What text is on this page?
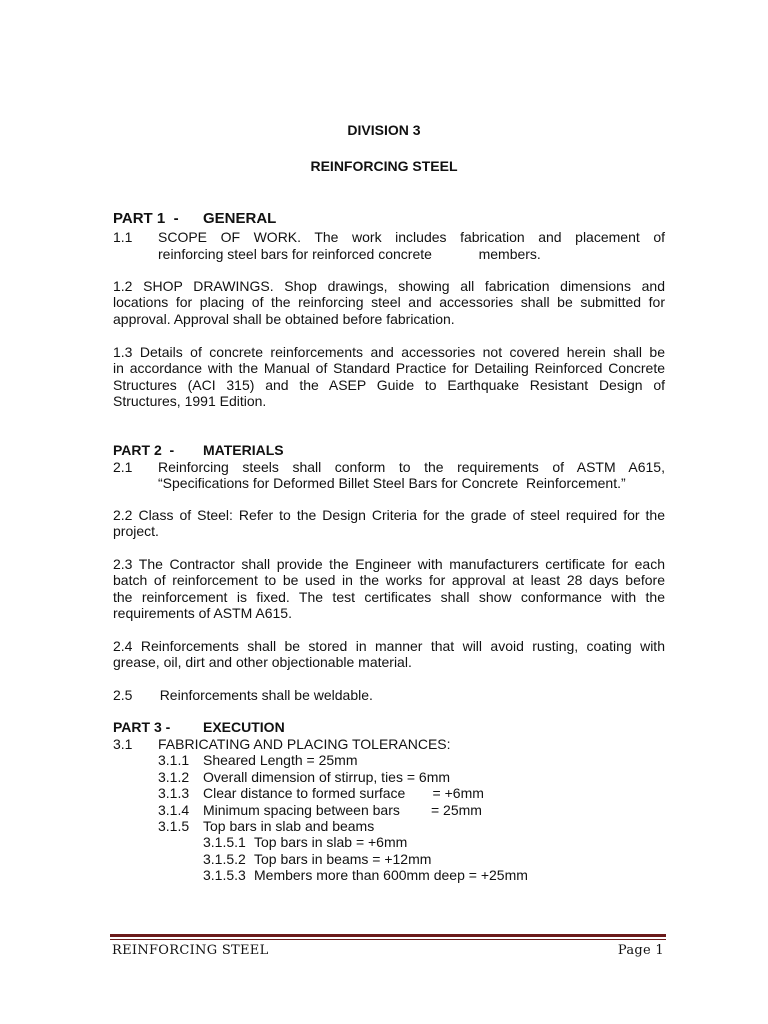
DIVISION 3
REINFORCING STEEL
PART 1  - GENERAL
1.1 SCOPE OF WORK. The work includes fabrication and placement of
reinforcing steel bars for reinforced concrete            members.
1.2 SHOP DRAWINGS. Shop drawings, showing all fabrication dimensions and
locations for placing of the reinforcing steel and accessories shall be submitted for
approval. Approval shall be obtained before fabrication.
1.3 Details of concrete reinforcements and accessories not covered herein shall be
in accordance with the Manual of Standard Practice for Detailing Reinforced Concrete
Structures (ACI 315) and the ASEP Guide to Earthquake Resistant Design of
Structures, 1991 Edition.
PART 2  - MATERIALS
2.1 Reinforcing steels shall conform to the requirements of ASTM A615,
“Specifications for Deformed Billet Steel Bars for Concrete  Reinforcement.”
2.2 Class of Steel: Refer to the Design Criteria for the grade of steel required for the
project.
2.3 The Contractor shall provide the Engineer with manufacturers certificate for each
batch of reinforcement to be used in the works for approval at least 28 days before
the reinforcement is fixed. The test certificates shall show conformance with the
requirements of ASTM A615.
2.4 Reinforcements shall be stored in manner that will avoid rusting, coating with
grease, oil, dirt and other objectionable material.
2.5       Reinforcements shall be weldable.
PART 3 - EXECUTION
3.1 FABRICATING AND PLACING TOLERANCES:
3.1.1 Sheared Length = 25mm
3.1.2 Overall dimension of stirrup, ties = 6mm
3.1.3 Clear distance to formed surface       = +6mm
3.1.4 Minimum spacing between bars        = 25mm
3.1.5 Top bars in slab and beams
3.1.5.1 Top bars in slab = +6mm
3.1.5.2 Top bars in beams = +12mm
3.1.5.3 Members more than 600mm deep = +25mm
REINFORCING STEEL	Page 1
